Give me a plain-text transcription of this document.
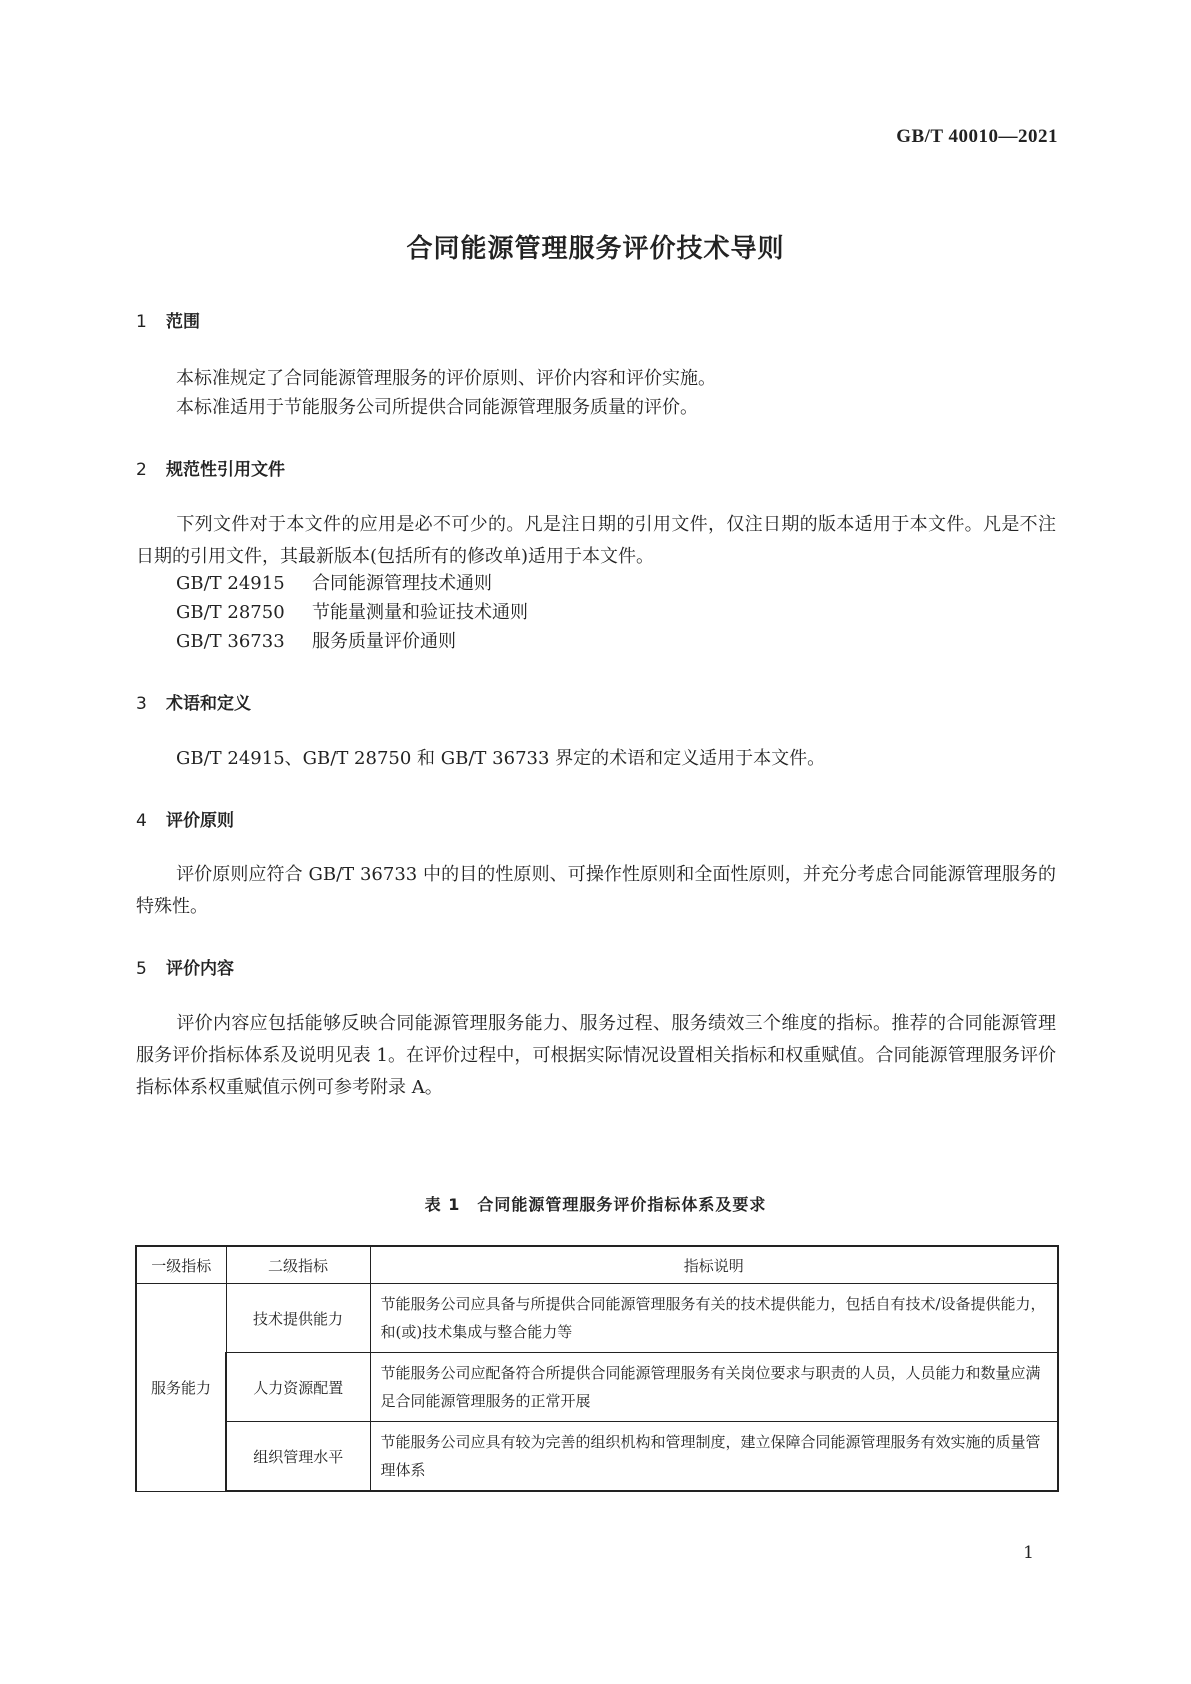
GB/T 40010—2021
合同能源管理服务评价技术导则
1 范围
本标准规定了合同能源管理服务的评价原则、评价内容和评价实施。
本标准适用于节能服务公司所提供合同能源管理服务质量的评价。
2 规范性引用文件
下列文件对于本文件的应用是必不可少的。凡是注日期的引用文件，仅注日期的版本适用于本文件。凡是不注日期的引用文件，其最新版本(包括所有的修改单)适用于本文件。
GB/T 24915 合同能源管理技术通则
GB/T 28750 节能量测量和验证技术通则
GB/T 36733 服务质量评价通则
3 术语和定义
GB/T 24915、GB/T 28750 和 GB/T 36733 界定的术语和定义适用于本文件。
4 评价原则
评价原则应符合 GB/T 36733 中的目的性原则、可操作性原则和全面性原则，并充分考虑合同能源管理服务的特殊性。
5 评价内容
评价内容应包括能够反映合同能源管理服务能力、服务过程、服务绩效三个维度的指标。推荐的合同能源管理服务评价指标体系及说明见表 1。在评价过程中，可根据实际情况设置相关指标和权重赋值。合同能源管理服务评价指标体系权重赋值示例可参考附录 A。
表 1　合同能源管理服务评价指标体系及要求
一级指标	二级指标	指标说明
服务能力	技术提供能力	节能服务公司应具备与所提供合同能源管理服务有关的技术提供能力，包括自有技术/设备提供能力，和(或)技术集成与整合能力等
	人力资源配置	节能服务公司应配备符合所提供合同能源管理服务有关岗位要求与职责的人员，人员能力和数量应满足合同能源管理服务的正常开展
	组织管理水平	节能服务公司应具有较为完善的组织机构和管理制度，建立保障合同能源管理服务有效实施的质量管理体系
1
